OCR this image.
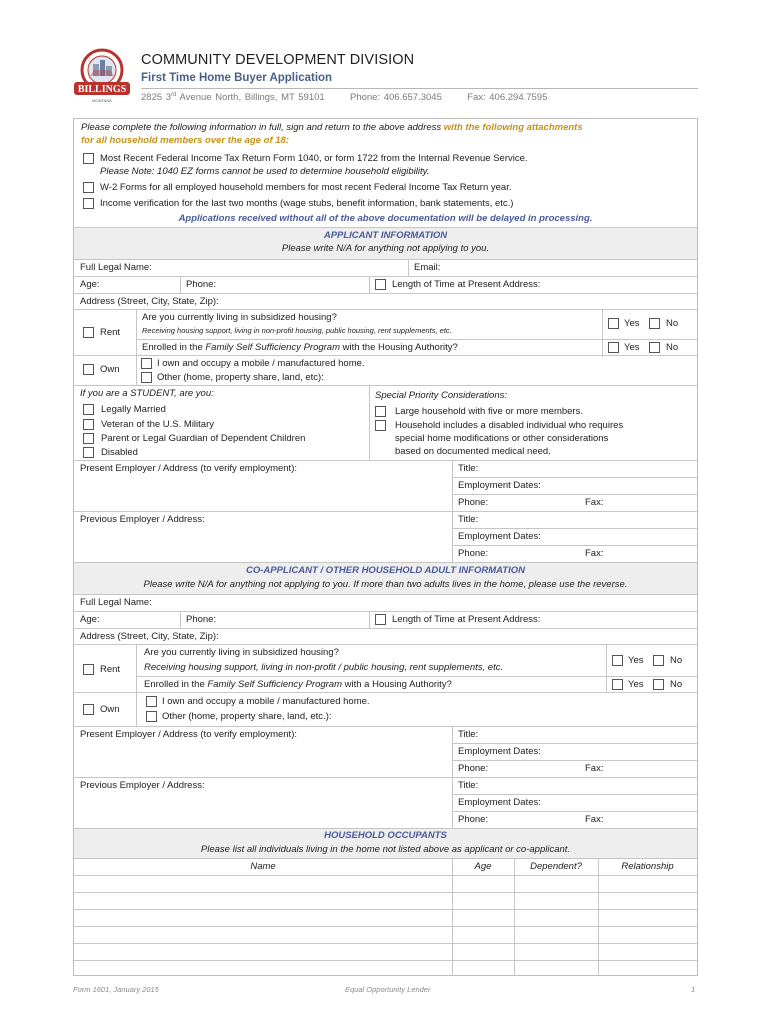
BILLINGS
MONTANA
COMMUNITY DEVELOPMENT DIVISION
First Time Home Buyer Application
2825 3rd Avenue North, Billings, MT 59101	Phone: 406.657.3045	Fax: 406.294.7595
Please complete the following information in full, sign and return to the above address with the following attachments
for all household members over the age of 18:
Most Recent Federal Income Tax Return Form 1040, or form 1722 from the Internal Revenue Service.
Please Note: 1040 EZ forms cannot be used to determine household eligibility.
W-2 Forms for all employed household members for most recent Federal Income Tax Return year.
Income verification for the last two months (wage stubs, benefit information, bank statements, etc.)
Applications received without all of the above documentation will be delayed in processing.
APPLICANT INFORMATION
Please write N/A for anything not applying to you.
Full Legal Name:	Email:
Age:	Phone:	Length of Time at Present Address:
Address (Street, City, State, Zip):
Rent
Are you currently living in subsidized housing?
Receiving housing support, living in non-profit housing, public housing, rent supplements, etc.
Yes	No
Enrolled in the Family Self Sufficiency Program with the Housing Authority?	Yes	No
Own
I own and occupy a mobile / manufactured home.
Other (home, property share, land, etc):
If you are a STUDENT, are you:
Legally Married
Veteran of the U.S. Military
Parent or Legal Guardian of Dependent Children
Disabled
Special Priority Considerations:
Large household with five or more members.
Household includes a disabled individual who requires
special home modifications or other considerations
based on documented medical need.
Present Employer / Address (to verify employment):	Title:
Employment Dates:
Phone:	Fax:
Previous Employer / Address:	Title:
Employment Dates:
Phone:	Fax:
CO-APPLICANT / OTHER HOUSEHOLD ADULT INFORMATION
Please write N/A for anything not applying to you. If more than two adults lives in the home, please use the reverse.
Full Legal Name:
Age:	Phone:	Length of Time at Present Address:
Address (Street, City, State, Zip):
Rent
Are you currently living in subsidized housing?
Receiving housing support, living in non-profit / public housing, rent supplements, etc.
Yes	No
Enrolled in the Family Self Sufficiency Program with a Housing Authority?	Yes	No
Own
I own and occupy a mobile / manufactured home.
Other (home, property share, land, etc.):
Present Employer / Address (to verify employment):	Title:
Employment Dates:
Phone:	Fax:
Previous Employer / Address:	Title:
Employment Dates:
Phone:	Fax:
HOUSEHOLD OCCUPANTS
Please list all individuals living in the home not listed above as applicant or co-applicant.
Name	Age	Dependent?	Relationship
Form 1601, January 2015	Equal Opportunity Lender	1
